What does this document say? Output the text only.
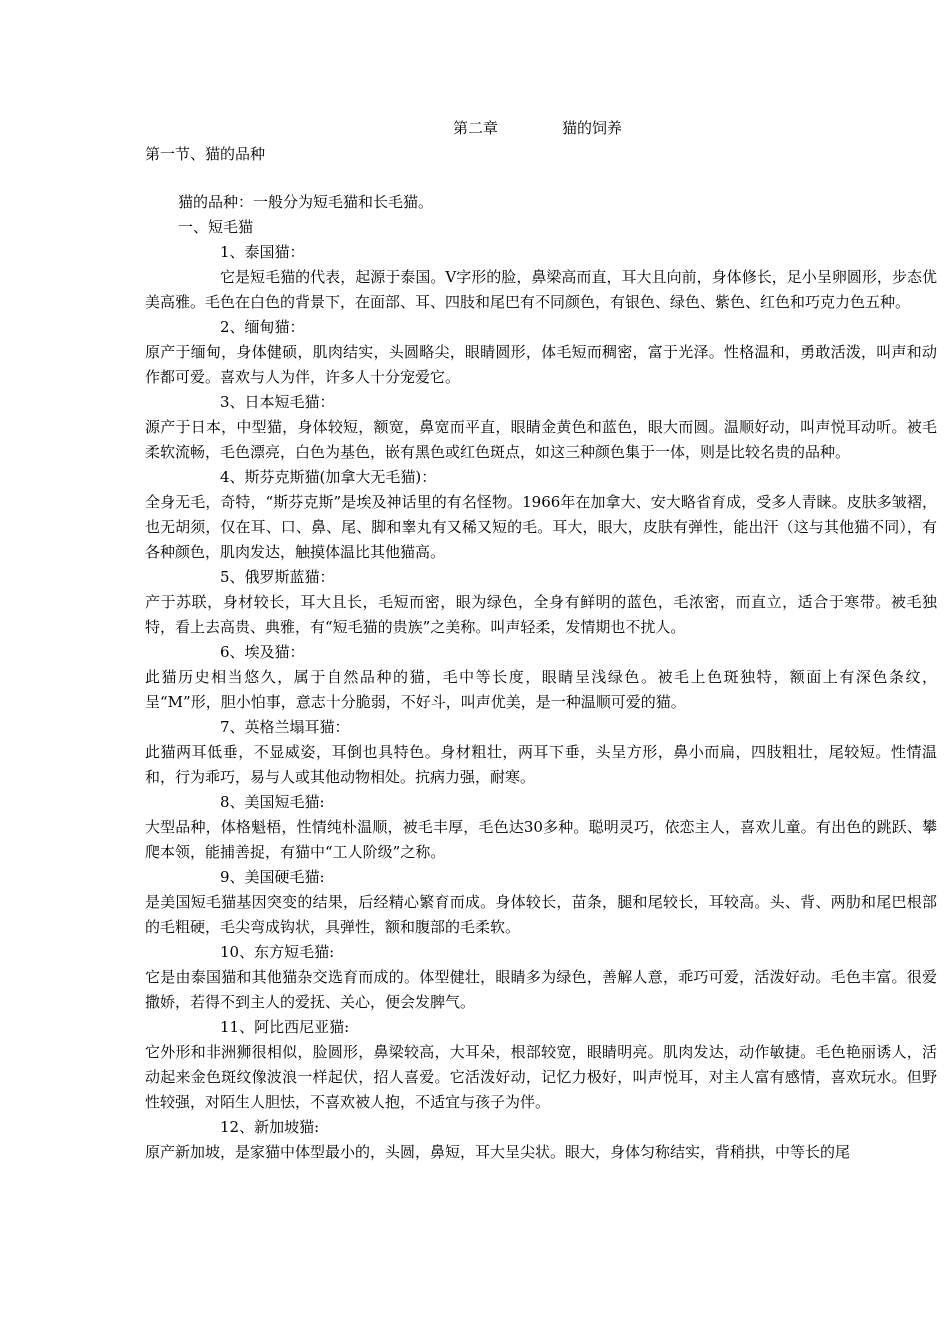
第二章	猫的饲养
第一节、猫的品种

猫的品种：一般分为短毛猫和长毛猫。

一、短毛猫

1、泰国猫：

它是短毛猫的代表，起源于泰国。V字形的脸，鼻梁高而直，耳大且向前，身体修长，足小呈卵圆形，步态优美高雅。毛色在白色的背景下，在面部、耳、四肢和尾巴有不同颜色，有银色、绿色、紫色、红色和巧克力色五种。

2、缅甸猫：

原产于缅甸，身体健硕，肌肉结实，头圆略尖，眼睛圆形，体毛短而稠密，富于光泽。性格温和，勇敢活泼，叫声和动作都可爱。喜欢与人为伴，许多人十分宠爱它。

3、日本短毛猫：

源产于日本，中型猫，身体较短，额宽，鼻宽而平直，眼睛金黄色和蓝色，眼大而圆。温顺好动，叫声悦耳动听。被毛柔软流畅，毛色漂亮，白色为基色，嵌有黑色或红色斑点，如这三种颜色集于一体，则是比较名贵的品种。

4、斯芬克斯猫(加拿大无毛猫)：

全身无毛，奇特，“斯芬克斯”是埃及神话里的有名怪物。1966年在加拿大、安大略省育成，受多人青睐。皮肤多皱褶，也无胡须，仅在耳、口、鼻、尾、脚和睾丸有又稀又短的毛。耳大，眼大，皮肤有弹性，能出汗（这与其他猫不同），有各种颜色，肌肉发达，触摸体温比其他猫高。

5、俄罗斯蓝猫：

产于苏联，身材较长，耳大且长，毛短而密，眼为绿色，全身有鲜明的蓝色，毛浓密，而直立，适合于寒带。被毛独特，看上去高贵、典雅，有“短毛猫的贵族”之美称。叫声轻柔，发情期也不扰人。

6、埃及猫：

此猫历史相当悠久，属于自然品种的猫，毛中等长度，眼睛呈浅绿色。被毛上色斑独特，额面上有深色条纹，呈“M”形，胆小怕事，意志十分脆弱，不好斗，叫声优美，是一种温顺可爱的猫。

7、英格兰塌耳猫：

此猫两耳低垂，不显威姿，耳倒也具特色。身材粗壮，两耳下垂，头呈方形，鼻小而扁，四肢粗壮，尾较短。性情温和，行为乖巧，易与人或其他动物相处。抗病力强，耐寒。

8、美国短毛猫:

大型品种，体格魁梧，性情纯朴温顺，被毛丰厚，毛色达30多种。聪明灵巧，依恋主人，喜欢儿童。有出色的跳跃、攀爬本领，能捕善捉，有猫中“工人阶级”之称。

9、美国硬毛猫:

是美国短毛猫基因突变的结果，后经精心繁育而成。身体较长，苗条，腿和尾较长，耳较高。头、背、两肋和尾巴根部的毛粗硬，毛尖弯成钩状，具弹性，额和腹部的毛柔软。

10、东方短毛猫:

它是由泰国猫和其他猫杂交选育而成的。体型健壮，眼睛多为绿色，善解人意，乖巧可爱，活泼好动。毛色丰富。很爱撒娇，若得不到主人的爱抚、关心，便会发脾气。

11、阿比西尼亚猫:

它外形和非洲狮很相似，脸圆形，鼻梁较高，大耳朵，根部较宽，眼睛明亮。肌肉发达，动作敏捷。毛色艳丽诱人，活动起来金色斑纹像波浪一样起伏，招人喜爱。它活泼好动，记忆力极好，叫声悦耳，对主人富有感情，喜欢玩水。但野性较强，对陌生人胆怯，不喜欢被人抱，不适宜与孩子为伴。

12、新加坡猫:

原产新加坡，是家猫中体型最小的，头圆，鼻短，耳大呈尖状。眼大，身体匀称结实，背稍拱，中等长的尾
